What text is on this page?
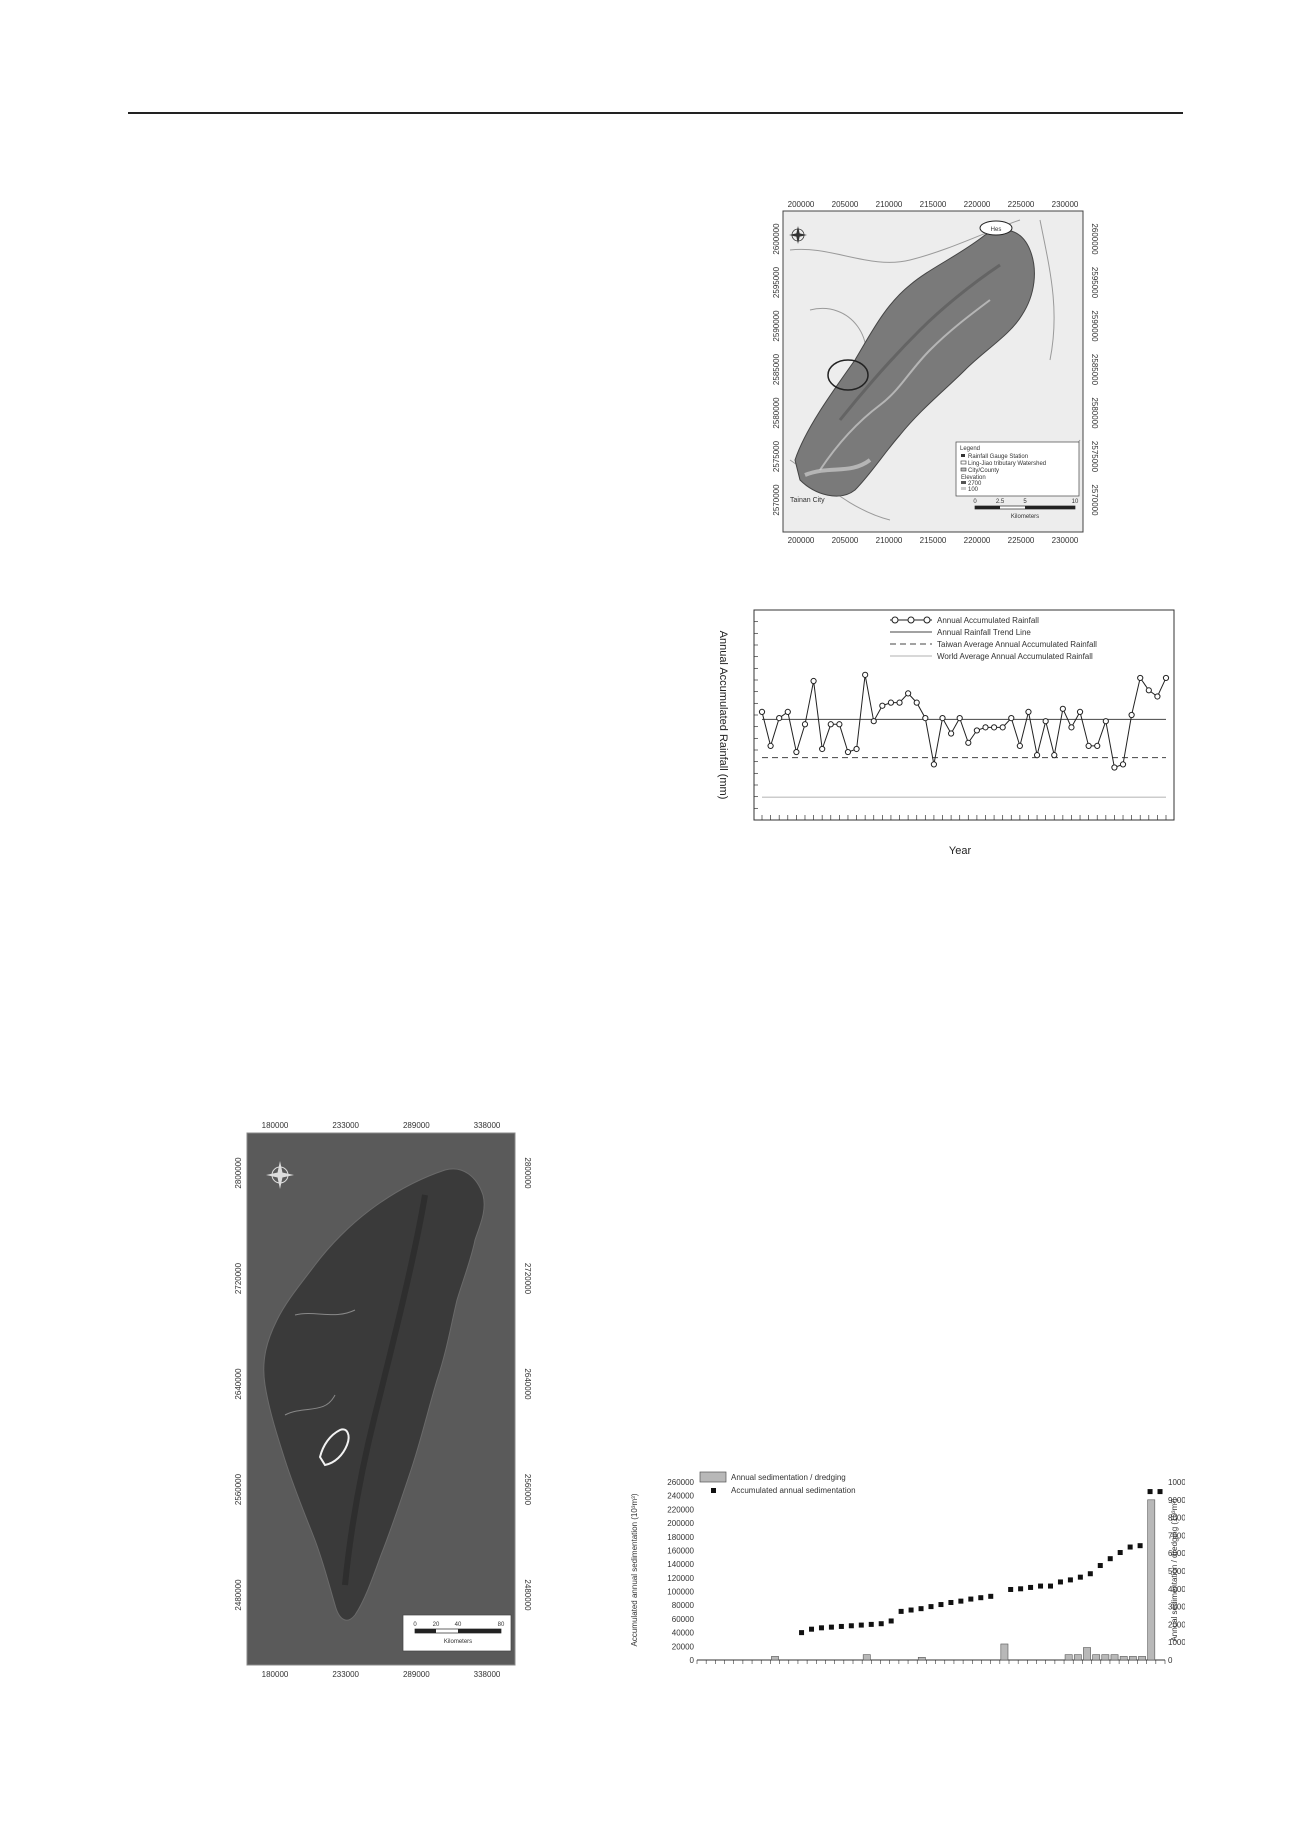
Hes
Tainan City
200000 205000 210000 215000 220000 225000 230000
200000 205000 210000 215000 220000 225000 230000
2600000
2595000
2590000
2585000
2580000
2575000
2570000
2600000
2595000
2590000
2585000
2580000
2575000
2570000
Legend
Rainfall Gauge Station
Ling-Jiao tributary Watershed
City/County
Elevation
2700
100
0	2.5	5	10
Kilometers
Annual Accumulated Rainfall
Annual Rainfall Trend Line
Taiwan Average Annual Accumulated Rainfall
World Average Annual Accumulated Rainfall
Annual Accumulated Rainfall (mm)
Year
180000	233000	289000	338000
180000	233000	289000	338000
2800000
2720000
2640000
2560000
2480000
2800000
2720000
2640000
2560000
2480000
0	20	40	80
Kilometers
260000
240000
220000
200000
180000
160000
140000
120000
100000
80000
60000
40000
20000
0
1000
9000
8000
7000
6000
5000
4000
3000
2000
1000
0
Annual sedimentation / dredging
Accumulated annual sedimentation
Accumulated annual sedimentation (10³m³)	Annual sedimentation / dredging (10³m³)
